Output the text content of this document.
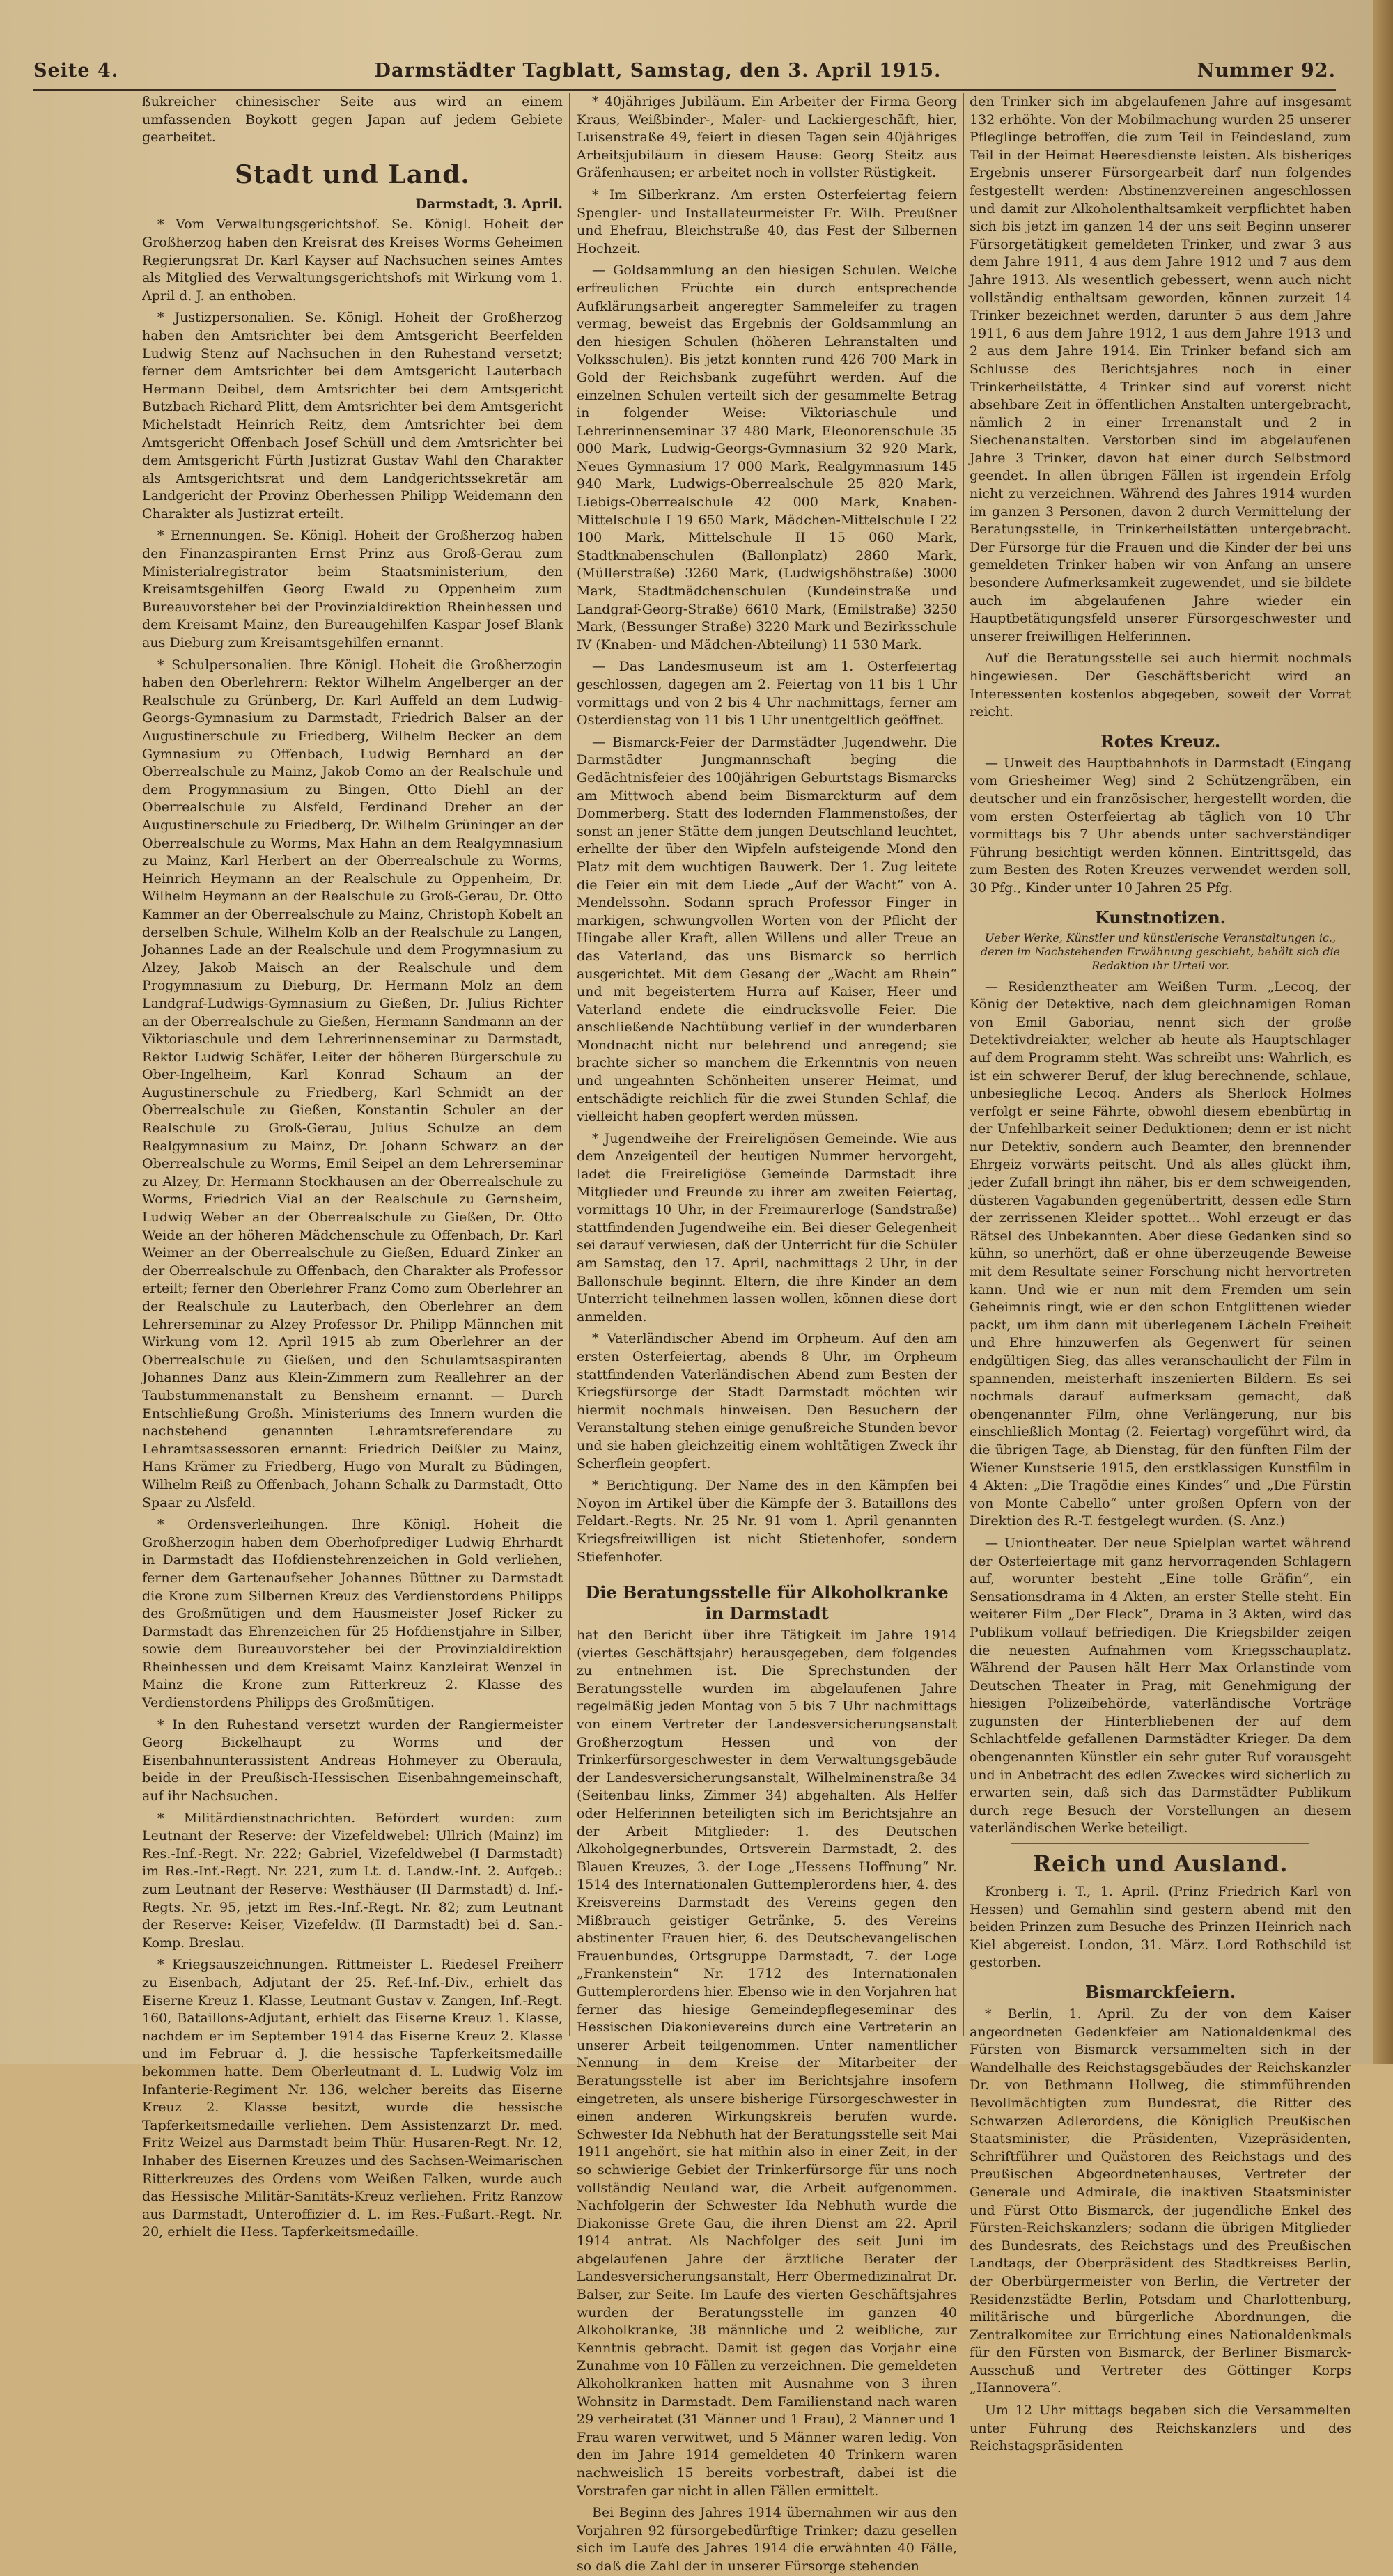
Seite 4.	Darmstädter Tagblatt, Samstag, den 3. April 1915.	Nummer 92.

ßukreicher chinesischer Seite aus wird an einem umfassenden Boykott gegen Japan auf jedem Gebiete gearbeitet.

Stadt und Land.
Darmstadt, 3. April.

* Vom Verwaltungsgerichtshof. Se. Königl. Hoheit der Großherzog haben den Kreisrat des Kreises Worms Geheimen Regierungsrat Dr. Karl Kayser auf Nachsuchen seines Amtes als Mitglied des Verwaltungsgerichtshofs mit Wirkung vom 1. April d. J. an enthoben.

* Justizpersonalien. Se. Königl. Hoheit der Großherzog haben den Amtsrichter bei dem Amtsgericht Beerfelden Ludwig Stenz auf Nachsuchen in den Ruhestand versetzt; ferner dem Amtsrichter bei dem Amtsgericht Lauterbach Hermann Deibel, dem Amtsrichter bei dem Amtsgericht Butzbach Richard Plitt, dem Amtsrichter bei dem Amtsgericht Michelstadt Heinrich Reitz, dem Amtsrichter bei dem Amtsgericht Offenbach Josef Schüll und dem Amtsrichter bei dem Amtsgericht Fürth Justizrat Gustav Wahl den Charakter als Amtsgerichtsrat und dem Landgerichtssekretär am Landgericht der Provinz Oberhessen Philipp Weidemann den Charakter als Justizrat erteilt.

* Ernennungen. Se. Königl. Hoheit der Großherzog haben den Finanzaspiranten Ernst Prinz aus Groß-Gerau zum Ministerialregistrator beim Staatsministerium, den Kreisamtsgehilfen Georg Ewald zu Oppenheim zum Bureauvorsteher bei der Provinzialdirektion Rheinhessen und dem Kreisamt Mainz, den Bureaugehilfen Kaspar Josef Blank aus Dieburg zum Kreisamtsgehilfen ernannt.

* Schulpersonalien. Ihre Königl. Hoheit die Großherzogin haben den Oberlehrern: Rektor Wilhelm Angelberger an der Realschule zu Grünberg, Dr. Karl Auffeld an dem Ludwig-Georgs-Gymnasium zu Darmstadt, Friedrich Balser an der Augustinerschule zu Friedberg, Wilhelm Becker an dem Gymnasium zu Offenbach, Ludwig Bernhard an der Oberrealschule zu Mainz, Jakob Como an der Realschule und dem Progymnasium zu Bingen, Otto Diehl an der Oberrealschule zu Alsfeld, Ferdinand Dreher an der Augustinerschule zu Friedberg, Dr. Wilhelm Grüninger an der Oberrealschule zu Worms, Max Hahn an dem Realgymnasium zu Mainz, Karl Herbert an der Oberrealschule zu Worms, Heinrich Heymann an der Realschule zu Oppenheim, Dr. Wilhelm Heymann an der Realschule zu Groß-Gerau, Dr. Otto Kammer an der Oberrealschule zu Mainz, Christoph Kobelt an derselben Schule, Wilhelm Kolb an der Realschule zu Langen, Johannes Lade an der Realschule und dem Progymnasium zu Alzey, Jakob Maisch an der Realschule und dem Progymnasium zu Dieburg, Dr. Hermann Molz an dem Landgraf-Ludwigs-Gymnasium zu Gießen, Dr. Julius Richter an der Oberrealschule zu Gießen, Hermann Sandmann an der Viktoriaschule und dem Lehrerinnenseminar zu Darmstadt, Rektor Ludwig Schäfer, Leiter der höheren Bürgerschule zu Ober-Ingelheim, Karl Konrad Schaum an der Augustinerschule zu Friedberg, Karl Schmidt an der Oberrealschule zu Gießen, Konstantin Schuler an der Realschule zu Groß-Gerau, Julius Schulze an dem Realgymnasium zu Mainz, Dr. Johann Schwarz an der Oberrealschule zu Worms, Emil Seipel an dem Lehrerseminar zu Alzey, Dr. Hermann Stockhausen an der Oberrealschule zu Worms, Friedrich Vial an der Realschule zu Gernsheim, Ludwig Weber an der Oberrealschule zu Gießen, Dr. Otto Weide an der höheren Mädchenschule zu Offenbach, Dr. Karl Weimer an der Oberrealschule zu Gießen, Eduard Zinker an der Oberrealschule zu Offenbach, den Charakter als Professor erteilt; ferner den Oberlehrer Franz Como zum Oberlehrer an der Realschule zu Lauterbach, den Oberlehrer an dem Lehrerseminar zu Alzey Professor Dr. Philipp Männchen mit Wirkung vom 12. April 1915 ab zum Oberlehrer an der Oberrealschule zu Gießen, und den Schulamtsaspiranten Johannes Danz aus Klein-Zimmern zum Reallehrer an der Taubstummenanstalt zu Bensheim ernannt. — Durch Entschließung Großh. Ministeriums des Innern wurden die nachstehend genannten Lehramtsreferendare zu Lehramtsassessoren ernannt: Friedrich Deißler zu Mainz, Hans Krämer zu Friedberg, Hugo von Muralt zu Büdingen, Wilhelm Reiß zu Offenbach, Johann Schalk zu Darmstadt, Otto Spaar zu Alsfeld.

* Ordensverleihungen. Ihre Königl. Hoheit die Großherzogin haben dem Oberhofprediger Ludwig Ehrhardt in Darmstadt das Hofdienstehrenzeichen in Gold verliehen, ferner dem Gartenaufseher Johannes Büttner zu Darmstadt die Krone zum Silbernen Kreuz des Verdienstordens Philipps des Großmütigen und dem Hausmeister Josef Ricker zu Darmstadt das Ehrenzeichen für 25 Hofdienstjahre in Silber, sowie dem Bureauvorsteher bei der Provinzialdirektion Rheinhessen und dem Kreisamt Mainz Kanzleirat Wenzel in Mainz die Krone zum Ritterkreuz 2. Klasse des Verdienstordens Philipps des Großmütigen.

* In den Ruhestand versetzt wurden der Rangiermeister Georg Bickelhaupt zu Worms und der Eisenbahnunterassistent Andreas Hohmeyer zu Oberaula, beide in der Preußisch-Hessischen Eisenbahngemeinschaft, auf ihr Nachsuchen.

* Militärdienstnachrichten. Befördert wurden: zum Leutnant der Reserve: der Vizefeldwebel: Ullrich (Mainz) im Res.-Inf.-Regt. Nr. 222; Gabriel, Vizefeldwebel (I Darmstadt) im Res.-Inf.-Regt. Nr. 221, zum Lt. d. Landw.-Inf. 2. Aufgeb.: zum Leutnant der Reserve: Westhäuser (II Darmstadt) d. Inf.-Regts. Nr. 95, jetzt im Res.-Inf.-Regt. Nr. 82; zum Leutnant der Reserve: Keiser, Vizefeldw. (II Darmstadt) bei d. San.-Komp. Breslau.

* Kriegsauszeichnungen. Rittmeister L. Riedesel Freiherr zu Eisenbach, Adjutant der 25. Ref.-Inf.-Div., erhielt das Eiserne Kreuz 1. Klasse, Leutnant Gustav v. Zangen, Inf.-Regt. 160, Bataillons-Adjutant, erhielt das Eiserne Kreuz 1. Klasse, nachdem er im September 1914 das Eiserne Kreuz 2. Klasse und im Februar d. J. die hessische Tapferkeitsmedaille bekommen hatte. Dem Oberleutnant d. L. Ludwig Volz im Infanterie-Regiment Nr. 136, welcher bereits das Eiserne Kreuz 2. Klasse besitzt, wurde die hessische Tapferkeitsmedaille verliehen. Dem Assistenzarzt Dr. med. Fritz Weizel aus Darmstadt beim Thür. Husaren-Regt. Nr. 12, Inhaber des Eisernen Kreuzes und des Sachsen-Weimarischen Ritterkreuzes des Ordens vom Weißen Falken, wurde auch das Hessische Militär-Sanitäts-Kreuz verliehen. Fritz Ranzow aus Darmstadt, Unteroffizier d. L. im Res.-Fußart.-Regt. Nr. 20, erhielt die Hess. Tapferkeitsmedaille.

* 40jähriges Jubiläum. Ein Arbeiter der Firma Georg Kraus, Weißbinder-, Maler- und Lackiergeschäft, hier, Luisenstraße 49, feiert in diesen Tagen sein 40jähriges Arbeitsjubiläum in diesem Hause: Georg Steitz aus Gräfenhausen; er arbeitet noch in vollster Rüstigkeit.

* Im Silberkranz. Am ersten Osterfeiertag feiern Spengler- und Installateurmeister Fr. Wilh. Preußner und Ehefrau, Bleichstraße 40, das Fest der Silbernen Hochzeit.

— Goldsammlung an den hiesigen Schulen. Welche erfreulichen Früchte ein durch entsprechende Aufklärungsarbeit angeregter Sammeleifer zu tragen vermag, beweist das Ergebnis der Goldsammlung an den hiesigen Schulen (höheren Lehranstalten und Volksschulen). Bis jetzt konnten rund 426 700 Mark in Gold der Reichsbank zugeführt werden. Auf die einzelnen Schulen verteilt sich der gesammelte Betrag in folgender Weise: Viktoriaschule und Lehrerinnenseminar 37 480 Mark, Eleonorenschule 35 000 Mark, Ludwig-Georgs-Gymnasium 32 920 Mark, Neues Gymnasium 17 000 Mark, Realgymnasium 145 940 Mark, Ludwigs-Oberrealschule 25 820 Mark, Liebigs-Oberrealschule 42 000 Mark, Knaben-Mittelschule I 19 650 Mark, Mädchen-Mittelschule I 22 100 Mark, Mittelschule II 15 060 Mark, Stadtknabenschulen (Ballonplatz) 2860 Mark, (Müllerstraße) 3260 Mark, (Ludwigshöhstraße) 3000 Mark, Stadtmädchenschulen (Kundeinstraße und Landgraf-Georg-Straße) 6610 Mark, (Emilstraße) 3250 Mark, (Bessunger Straße) 3220 Mark und Bezirksschule IV (Knaben- und Mädchen-Abteilung) 11 530 Mark.

— Das Landesmuseum ist am 1. Osterfeiertag geschlossen, dagegen am 2. Feiertag von 11 bis 1 Uhr vormittags und von 2 bis 4 Uhr nachmittags, ferner am Osterdienstag von 11 bis 1 Uhr unentgeltlich geöffnet.

— Bismarck-Feier der Darmstädter Jugendwehr. Die Darmstädter Jungmannschaft beging die Gedächtnisfeier des 100jährigen Geburtstags Bismarcks am Mittwoch abend beim Bismarckturm auf dem Dommerberg. Statt des lodernden Flammenstoßes, der sonst an jener Stätte dem jungen Deutschland leuchtet, erhellte der über den Wipfeln aufsteigende Mond den Platz mit dem wuchtigen Bauwerk. Der 1. Zug leitete die Feier ein mit dem Liede „Auf der Wacht“ von A. Mendelssohn. Sodann sprach Professor Finger in markigen, schwungvollen Worten von der Pflicht der Hingabe aller Kraft, allen Willens und aller Treue an das Vaterland, das uns Bismarck so herrlich ausgerichtet. Mit dem Gesang der „Wacht am Rhein“ und mit begeistertem Hurra auf Kaiser, Heer und Vaterland endete die eindrucksvolle Feier. Die anschließende Nachtübung verlief in der wunderbaren Mondnacht nicht nur belehrend und anregend; sie brachte sicher so manchem die Erkenntnis von neuen und ungeahnten Schönheiten unserer Heimat, und entschädigte reichlich für die zwei Stunden Schlaf, die vielleicht haben geopfert werden müssen.

* Jugendweihe der Freireligiösen Gemeinde. Wie aus dem Anzeigenteil der heutigen Nummer hervorgeht, ladet die Freireligiöse Gemeinde Darmstadt ihre Mitglieder und Freunde zu ihrer am zweiten Feiertag, vormittags 10 Uhr, in der Freimaurerloge (Sandstraße) stattfindenden Jugendweihe ein. Bei dieser Gelegenheit sei darauf verwiesen, daß der Unterricht für die Schüler am Samstag, den 17. April, nachmittags 2 Uhr, in der Ballonschule beginnt. Eltern, die ihre Kinder an dem Unterricht teilnehmen lassen wollen, können diese dort anmelden.

* Vaterländischer Abend im Orpheum. Auf den am ersten Osterfeiertag, abends 8 Uhr, im Orpheum stattfindenden Vaterländischen Abend zum Besten der Kriegsfürsorge der Stadt Darmstadt möchten wir hiermit nochmals hinweisen. Den Besuchern der Veranstaltung stehen einige genußreiche Stunden bevor und sie haben gleichzeitig einem wohltätigen Zweck ihr Scherflein geopfert.

* Berichtigung. Der Name des in den Kämpfen bei Noyon im Artikel über die Kämpfe der 3. Bataillons des Feldart.-Regts. Nr. 25 Nr. 91 vom 1. April genannten Kriegsfreiwilligen ist nicht Stietenhofer, sondern Stiefenhofer.

Die Beratungsstelle für Alkoholkranke in Darmstadt

hat den Bericht über ihre Tätigkeit im Jahre 1914 (viertes Geschäftsjahr) herausgegeben, dem folgendes zu entnehmen ist. Die Sprechstunden der Beratungsstelle wurden im abgelaufenen Jahre regelmäßig jeden Montag von 5 bis 7 Uhr nachmittags von einem Vertreter der Landesversicherungsanstalt Großherzogtum Hessen und von der Trinkerfürsorgeschwester in dem Verwaltungsgebäude der Landesversicherungsanstalt, Wilhelminenstraße 34 (Seitenbau links, Zimmer 34) abgehalten. Als Helfer oder Helferinnen beteiligten sich im Berichtsjahre an der Arbeit Mitglieder: 1. des Deutschen Alkoholgegnerbundes, Ortsverein Darmstadt, 2. des Blauen Kreuzes, 3. der Loge „Hessens Hoffnung“ Nr. 1514 des Internationalen Guttemplerordens hier, 4. des Kreisvereins Darmstadt des Vereins gegen den Mißbrauch geistiger Getränke, 5. des Vereins abstinenter Frauen hier, 6. des Deutschevangelischen Frauenbundes, Ortsgruppe Darmstadt, 7. der Loge „Frankenstein“ Nr. 1712 des Internationalen Guttemplerordens hier. Ebenso wie in den Vorjahren hat ferner das hiesige Gemeindepflegeseminar des Hessischen Diakonievereins durch eine Vertreterin an unserer Arbeit teilgenommen. Unter namentlicher Nennung in dem Kreise der Mitarbeiter der Beratungsstelle ist aber im Berichtsjahre insofern eingetreten, als unsere bisherige Fürsorgeschwester in einen anderen Wirkungskreis berufen wurde. Schwester Ida Nebhuth hat der Beratungsstelle seit Mai 1911 angehört, sie hat mithin also in einer Zeit, in der so schwierige Gebiet der Trinkerfürsorge für uns noch vollständig Neuland war, die Arbeit aufgenommen. Nachfolgerin der Schwester Ida Nebhuth wurde die Diakonisse Grete Gau, die ihren Dienst am 22. April 1914 antrat. Als Nachfolger des seit Juni im abgelaufenen Jahre der ärztliche Berater der Landesversicherungsanstalt, Herr Obermedizinalrat Dr. Balser, zur Seite. Im Laufe des vierten Geschäftsjahres wurden der Beratungsstelle im ganzen 40 Alkoholkranke, 38 männliche und 2 weibliche, zur Kenntnis gebracht. Damit ist gegen das Vorjahr eine Zunahme von 10 Fällen zu verzeichnen. Die gemeldeten Alkoholkranken hatten mit Ausnahme von 3 ihren Wohnsitz in Darmstadt. Dem Familienstand nach waren 29 verheiratet (31 Männer und 1 Frau), 2 Männer und 1 Frau waren verwitwet, und 5 Männer waren ledig. Von den im Jahre 1914 gemeldeten 40 Trinkern waren nachweislich 15 bereits vorbestraft, dabei ist die Vorstrafen gar nicht in allen Fällen ermittelt.

Bei Beginn des Jahres 1914 übernahmen wir aus den Vorjahren 92 fürsorgebedürftige Trinker; dazu gesellen sich im Laufe des Jahres 1914 die erwähnten 40 Fälle, so daß die Zahl der in unserer Fürsorge stehenden

den Trinker sich im abgelaufenen Jahre auf insgesamt 132 erhöhte. Von der Mobilmachung wurden 25 unserer Pfleglinge betroffen, die zum Teil in Feindesland, zum Teil in der Heimat Heeresdienste leisten. Als bisheriges Ergebnis unserer Fürsorgearbeit darf nun folgendes festgestellt werden: Abstinenzvereinen angeschlossen und damit zur Alkoholenthaltsamkeit verpflichtet haben sich bis jetzt im ganzen 14 der uns seit Beginn unserer Fürsorgetätigkeit gemeldeten Trinker, und zwar 3 aus dem Jahre 1911, 4 aus dem Jahre 1912 und 7 aus dem Jahre 1913. Als wesentlich gebessert, wenn auch nicht vollständig enthaltsam geworden, können zurzeit 14 Trinker bezeichnet werden, darunter 5 aus dem Jahre 1911, 6 aus dem Jahre 1912, 1 aus dem Jahre 1913 und 2 aus dem Jahre 1914. Ein Trinker befand sich am Schlusse des Berichtsjahres noch in einer Trinkerheilstätte, 4 Trinker sind auf vorerst nicht absehbare Zeit in öffentlichen Anstalten untergebracht, nämlich 2 in einer Irrenanstalt und 2 in Siechenanstalten. Verstorben sind im abgelaufenen Jahre 3 Trinker, davon hat einer durch Selbstmord geendet. In allen übrigen Fällen ist irgendein Erfolg nicht zu verzeichnen. Während des Jahres 1914 wurden im ganzen 3 Personen, davon 2 durch Vermittelung der Beratungsstelle, in Trinkerheilstätten untergebracht. Der Fürsorge für die Frauen und die Kinder der bei uns gemeldeten Trinker haben wir von Anfang an unsere besondere Aufmerksamkeit zugewendet, und sie bildete auch im abgelaufenen Jahre wieder ein Hauptbetätigungsfeld unserer Fürsorgeschwester und unserer freiwilligen Helferinnen.

Auf die Beratungsstelle sei auch hiermit nochmals hingewiesen. Der Geschäftsbericht wird an Interessenten kostenlos abgegeben, soweit der Vorrat reicht.

Rotes Kreuz.

— Unweit des Hauptbahnhofs in Darmstadt (Eingang vom Griesheimer Weg) sind 2 Schützengräben, ein deutscher und ein französischer, hergestellt worden, die vom ersten Osterfeiertag ab täglich von 10 Uhr vormittags bis 7 Uhr abends unter sachverständiger Führung besichtigt werden können. Eintrittsgeld, das zum Besten des Roten Kreuzes verwendet werden soll, 30 Pfg., Kinder unter 10 Jahren 25 Pfg.

Kunstnotizen.
Ueber Werke, Künstler und künstlerische Veranstaltungen ic., deren im Nachstehenden Erwähnung geschieht, behält sich die Redaktion ihr Urteil vor.

— Residenztheater am Weißen Turm. „Lecoq, der König der Detektive, nach dem gleichnamigen Roman von Emil Gaboriau, nennt sich der große Detektivdreiakter, welcher ab heute als Hauptschlager auf dem Programm steht. Was schreibt uns: Wahrlich, es ist ein schwerer Beruf, der klug berechnende, schlaue, unbesiegliche Lecoq. Anders als Sherlock Holmes verfolgt er seine Fährte, obwohl diesem ebenbürtig in der Unfehlbarkeit seiner Deduktionen; denn er ist nicht nur Detektiv, sondern auch Beamter, den brennender Ehrgeiz vorwärts peitscht. Und als alles glückt ihm, jeder Zufall bringt ihn näher, bis er dem schweigenden, düsteren Vagabunden gegenübertritt, dessen edle Stirn der zerrissenen Kleider spottet... Wohl erzeugt er das Rätsel des Unbekannten. Aber diese Gedanken sind so kühn, so unerhört, daß er ohne überzeugende Beweise mit dem Resultate seiner Forschung nicht hervortreten kann. Und wie er nun mit dem Fremden um sein Geheimnis ringt, wie er den schon Entglittenen wieder packt, um ihm dann mit überlegenem Lächeln Freiheit und Ehre hinzuwerfen als Gegenwert für seinen endgültigen Sieg, das alles veranschaulicht der Film in spannenden, meisterhaft inszenierten Bildern. Es sei nochmals darauf aufmerksam gemacht, daß obengenannter Film, ohne Verlängerung, nur bis einschließlich Montag (2. Feiertag) vorgeführt wird, da die übrigen Tage, ab Dienstag, für den fünften Film der Wiener Kunstserie 1915, den erstklassigen Kunstfilm in 4 Akten: „Die Tragödie eines Kindes“ und „Die Fürstin von Monte Cabello“ unter großen Opfern von der Direktion des R.-T. festgelegt wurden. (S. Anz.)

— Uniontheater. Der neue Spielplan wartet während der Osterfeiertage mit ganz hervorragenden Schlagern auf, worunter besteht „Eine tolle Gräfin“, ein Sensationsdrama in 4 Akten, an erster Stelle steht. Ein weiterer Film „Der Fleck“, Drama in 3 Akten, wird das Publikum vollauf befriedigen. Die Kriegsbilder zeigen die neuesten Aufnahmen vom Kriegsschauplatz. Während der Pausen hält Herr Max Orlanstinde vom Deutschen Theater in Prag, mit Genehmigung der hiesigen Polizeibehörde, vaterländische Vorträge zugunsten der Hinterbliebenen der auf dem Schlachtfelde gefallenen Darmstädter Krieger. Da dem obengenannten Künstler ein sehr guter Ruf vorausgeht und in Anbetracht des edlen Zweckes wird sicherlich zu erwarten sein, daß sich das Darmstädter Publikum durch rege Besuch der Vorstellungen an diesem vaterländischen Werke beteiligt.

Reich und Ausland.

Kronberg i. T., 1. April. (Prinz Friedrich Karl von Hessen) und Gemahlin sind gestern abend mit den beiden Prinzen zum Besuche des Prinzen Heinrich nach Kiel abgereist. London, 31. März. Lord Rothschild ist gestorben.

Bismarckfeiern.

* Berlin, 1. April. Zu der von dem Kaiser angeordneten Gedenkfeier am Nationaldenkmal des Fürsten von Bismarck versammelten sich in der Wandelhalle des Reichstagsgebäudes der Reichskanzler Dr. von Bethmann Hollweg, die stimmführenden Bevollmächtigten zum Bundesrat, die Ritter des Schwarzen Adlerordens, die Königlich Preußischen Staatsminister, die Präsidenten, Vizepräsidenten, Schriftführer und Quästoren des Reichstags und des Preußischen Abgeordnetenhauses, Vertreter der Generale und Admirale, die inaktiven Staatsminister und Fürst Otto Bismarck, der jugendliche Enkel des Fürsten-Reichskanzlers; sodann die übrigen Mitglieder des Bundesrats, des Reichstags und des Preußischen Landtags, der Oberpräsident des Stadtkreises Berlin, der Oberbürgermeister von Berlin, die Vertreter der Residenzstädte Berlin, Potsdam und Charlottenburg, militärische und bürgerliche Abordnungen, die Zentralkomitee zur Errichtung eines Nationaldenkmals für den Fürsten von Bismarck, der Berliner Bismarck-Ausschuß und Vertreter des Göttinger Korps „Hannovera“.

Um 12 Uhr mittags begaben sich die Versammelten unter Führung des Reichskanzlers und des Reichstagspräsidenten
